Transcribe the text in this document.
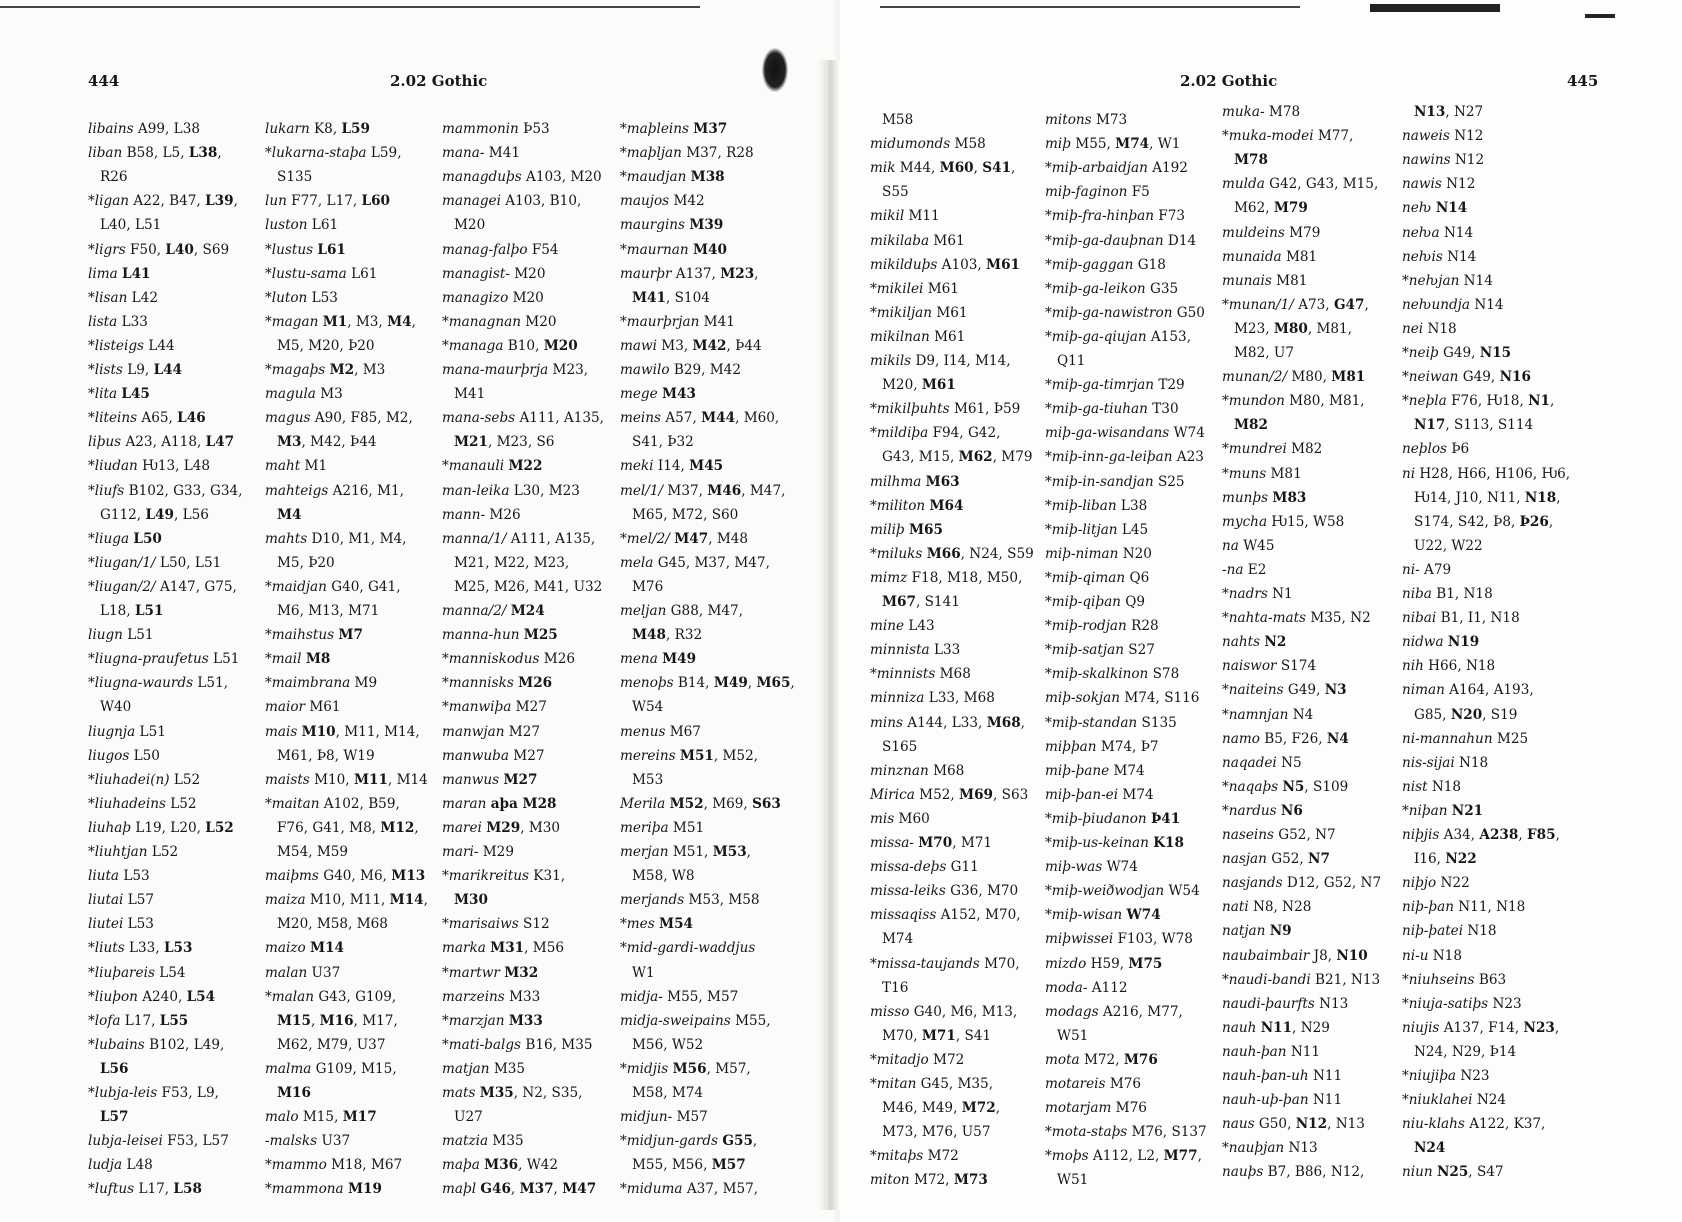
444	2.02 Gothic	2.02 Gothic	445
libains A99, L38
liban B58, L5, L38,
R26
*ligan A22, B47, L39,
L40, L51
*ligrs F50, L40, S69
lima L41
*lisan L42
lista L33
*listeigs L44
*lists L9, L44
*lita L45
*liteins A65, L46
liþus A23, A118, L47
*liudan Ƕ13, L48
*liufs B102, G33, G34,
G112, L49, L56
*liuga L50
*liugan/1/ L50, L51
*liugan/2/ A147, G75,
L18, L51
liugn L51
*liugna-praufetus L51
*liugna-waurds L51,
W40
liugnja L51
liugos L50
*liuhadei(n) L52
*liuhadeins L52
liuhaþ L19, L20, L52
*liuhtjan L52
liuta L53
liutai L57
liutei L53
*liuts L33, L53
*liuþareis L54
*liuþon A240, L54
*lofa L17, L55
*lubains B102, L49,
L56
*lubja-leis F53, L9,
L57
lubja-leisei F53, L57
ludja L48
*luftus L17, L58
lukarn K8, L59
*lukarna-staþa L59,
S135
lun F77, L17, L60
luston L61
*lustus L61
*lustu-sama L61
*luton L53
*magan M1, M3, M4,
M5, M20, Þ20
*magaþs M2, M3
magula M3
magus A90, F85, M2,
M3, M42, Þ44
maht M1
mahteigs A216, M1,
M4
mahts D10, M1, M4,
M5, Þ20
*maidjan G40, G41,
M6, M13, M71
*maihstus M7
*mail M8
*maimbrana M9
maior M61
mais M10, M11, M14,
M61, Þ8, W19
maists M10, M11, M14
*maitan A102, B59,
F76, G41, M8, M12,
M54, M59
maiþms G40, M6, M13
maiza M10, M11, M14,
M20, M58, M68
maizo M14
malan U37
*malan G43, G109,
M15, M16, M17,
M62, M79, U37
malma G109, M15,
M16
malo M15, M17
-malsks U37
*mammo M18, M67
*mammona M19
mammonin Þ53
mana- M41
managduþs A103, M20
managei A103, B10,
M20
manag-falþo F54
managist- M20
managizo M20
*managnan M20
*managa B10, M20
mana-maurþrja M23,
M41
mana-sebs A111, A135,
M21, M23, S6
*manauli M22
man-leika L30, M23
mann- M26
manna/1/ A111, A135,
M21, M22, M23,
M25, M26, M41, U32
manna/2/ M24
manna-hun M25
*manniskodus M26
*mannisks M26
*manwiþa M27
manwjan M27
manwuba M27
manwus M27
maran aþa M28
marei M29, M30
mari- M29
*marikreitus K31,
M30
*marisaiws S12
marka M31, M56
*martwr M32
marzeins M33
*marzjan M33
*mati-balgs B16, M35
matjan M35
mats M35, N2, S35,
U27
matzia M35
maþa M36, W42
maþl G46, M37, M47
*maþleins M37
*maþljan M37, R28
*maudjan M38
maujos M42
maurgins M39
*maurnan M40
maurþr A137, M23,
M41, S104
*maurþrjan M41
mawi M3, M42, Þ44
mawilo B29, M42
mege M43
meins A57, M44, M60,
S41, Þ32
meki I14, M45
mel/1/ M37, M46, M47,
M65, M72, S60
*mel/2/ M47, M48
mela G45, M37, M47,
M76
meljan G88, M47,
M48, R32
mena M49
menoþs B14, M49, M65,
W54
menus M67
mereins M51, M52,
M53
Merila M52, M69, S63
meriþa M51
merjan M51, M53,
M58, W8
merjands M53, M58
*mes M54
*mid-gardi-waddjus
W1
midja- M55, M57
midja-sweipains M55,
M56, W52
*midjis M56, M57,
M58, M74
midjun- M57
*midjun-gards G55,
M55, M56, M57
*miduma A37, M57,
M58
midumonds M58
mik M44, M60, S41,
S55
mikil M11
mikilaba M61
mikilduþs A103, M61
*mikilei M61
*mikiljan M61
mikilnan M61
mikils D9, I14, M14,
M20, M61
*mikilþuhts M61, Þ59
*mildiþa F94, G42,
G43, M15, M62, M79
milhma M63
*militon M64
miliþ M65
*miluks M66, N24, S59
mimz F18, M18, M50,
M67, S141
mine L43
minnista L33
*minnists M68
minniza L33, M68
mins A144, L33, M68,
S165
minznan M68
Mirica M52, M69, S63
mis M60
missa- M70, M71
missa-deþs G11
missa-leiks G36, M70
missaqiss A152, M70,
M74
*missa-taujands M70,
T16
misso G40, M6, M13,
M70, M71, S41
*mitadjo M72
*mitan G45, M35,
M46, M49, M72,
M73, M76, U57
*mitaþs M72
miton M72, M73
mitons M73
miþ M55, M74, W1
*miþ-arbaidjan A192
miþ-faginon F5
*miþ-fra-hinþan F73
*miþ-ga-dauþnan D14
*miþ-gaggan G18
*miþ-ga-leikon G35
*miþ-ga-nawistron G50
*miþ-ga-qiujan A153,
Q11
*miþ-ga-timrjan T29
*miþ-ga-tiuhan T30
miþ-ga-wisandans W74
*miþ-inn-ga-leiþan A23
*miþ-in-sandjan S25
*miþ-liban L38
*miþ-litjan L45
miþ-niman N20
*miþ-qiman Q6
*miþ-qiþan Q9
*miþ-rodjan R28
*miþ-satjan S27
*miþ-skalkinon S78
miþ-sokjan M74, S116
*miþ-standan S135
miþþan M74, Þ7
miþ-þane M74
miþ-þan-ei M74
*miþ-þiudanon Þ41
*miþ-us-keinan K18
miþ-was W74
*miþ-weiðwodjan W54
*miþ-wisan W74
miþwissei F103, W78
mizdo H59, M75
moda- A112
modags A216, M77,
W51
mota M72, M76
motareis M76
motarjam M76
*mota-staþs M76, S137
*moþs A112, L2, M77,
W51
muka- M78
*muka-modei M77,
M78
mulda G42, G43, M15,
M62, M79
muldeins M79
munaida M81
munais M81
*munan/1/ A73, G47,
M23, M80, M81,
M82, U7
munan/2/ M80, M81
*mundon M80, M81,
M82
*mundrei M82
*muns M81
munþs M83
mycha Ƕ15, W58
na W45
-na E2
*nadrs N1
*nahta-mats M35, N2
nahts N2
naiswor S174
*naiteins G49, N3
*namnjan N4
namo B5, F26, N4
naqadei N5
*naqaþs N5, S109
*nardus N6
naseins G52, N7
nasjan G52, N7
nasjands D12, G52, N7
nati N8, N28
natjan N9
naubaimbair J8, N10
*naudi-bandi B21, N13
naudi-þaurfts N13
nauh N11, N29
nauh-þan N11
nauh-þan-uh N11
nauh-uþ-þan N11
naus G50, N12, N13
*nauþjan N13
nauþs B7, B86, N12,
N13, N27
naweis N12
nawins N12
nawis N12
neƕ N14
neƕa N14
neƕis N14
*neƕjan N14
neƕundja N14
nei N18
*neiþ G49, N15
*neiwan G49, N16
*neþla F76, Ƕ18, N1,
N17, S113, S114
neþlos Þ6
ni H28, H66, H106, Ƕ6,
Ƕ14, J10, N11, N18,
S174, S42, Þ8, Þ26,
U22, W22
ni- A79
niba B1, N18
nibai B1, I1, N18
nidwa N19
nih H66, N18
niman A164, A193,
G85, N20, S19
ni-mannahun M25
nis-sijai N18
nist N18
*niþan N21
niþjis A34, A238, F85,
I16, N22
niþjo N22
niþ-þan N11, N18
niþ-þatei N18
ni-u N18
*niuhseins B63
*niuja-satiþs N23
niujis A137, F14, N23,
N24, N29, Þ14
*niujiþa N23
*niuklahei N24
niu-klahs A122, K37,
N24
niun N25, S47
